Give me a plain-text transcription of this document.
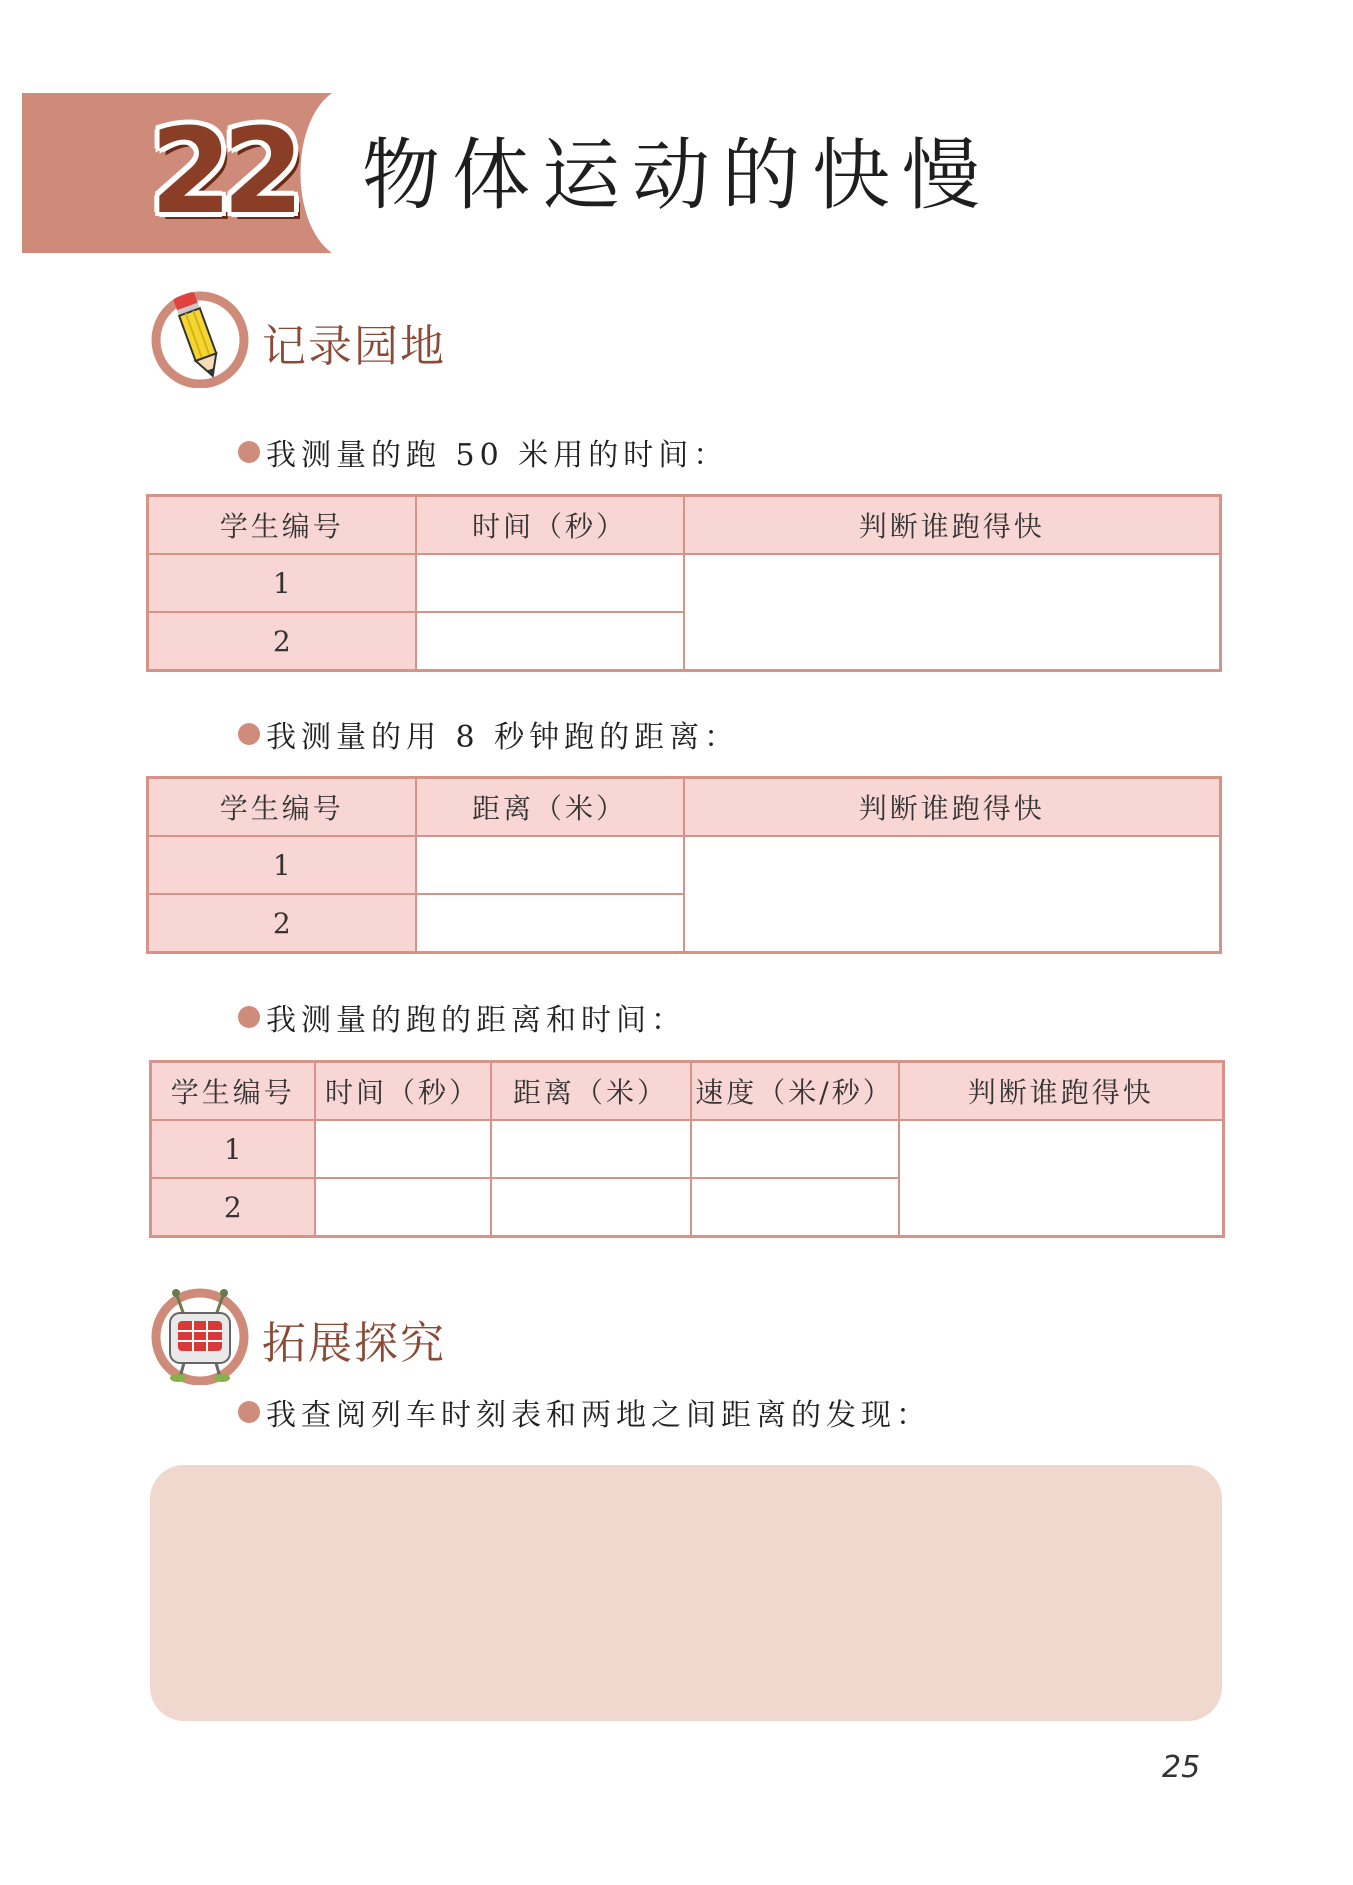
22 物体运动的快慢
记录园地
我测量的跑 50 米用的时间：
学生编号	时间（秒）	判断谁跑得快
1		
2		
我测量的用 8 秒钟跑的距离：
学生编号	距离（米）	判断谁跑得快
1		
2		
我测量的跑的距离和时间：
学生编号	时间（秒）	距离（米）	速度（米/秒）	判断谁跑得快
1				
2				
拓展探究
我查阅列车时刻表和两地之间距离的发现：
25
